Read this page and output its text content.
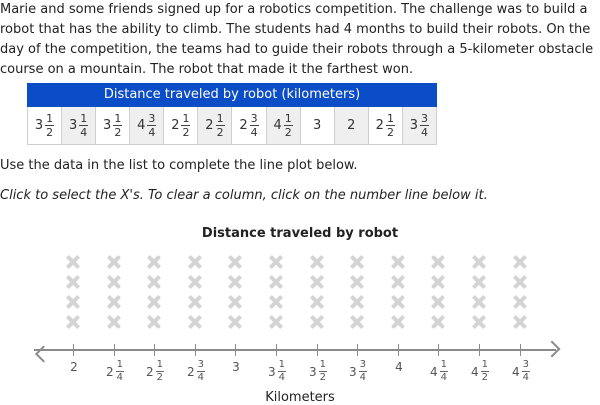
Marie and some friends signed up for a robotics competition. The challenge was to build a robot that has the ability to climb. The students had 4 months to build their robots. On the day of the competition, the teams had to guide their robots through a 5-kilometer obstacle course on a mountain. The robot that made it the farthest won.

Distance traveled by robot (kilometers)
$3 \frac{1}{2} 3 \frac{1}{4} 3 \frac{1}{2} 4 \frac{3}{4} 2 \frac{1}{2} 2 \frac{1}{2} 2 \frac{3}{4} 4 \frac{1}{2} 3$ 2 $2 \frac{1}{2} 3 \frac{3}{4}$

Use the data in the list to complete the line plot below.

Click to select the X's. To clear a column, click on the number line below it.

Distance traveled by robot
2 $2 \frac{1}{4} 2 \frac{1}{2} 2 \frac{3}{4} 3$ $3 \frac{1}{4} 3 \frac{1}{2} 3 \frac{3}{4} 4$ $4 \frac{1}{4} 4 \frac{1}{2} 4 \frac{3}{4}$
Kilometers
